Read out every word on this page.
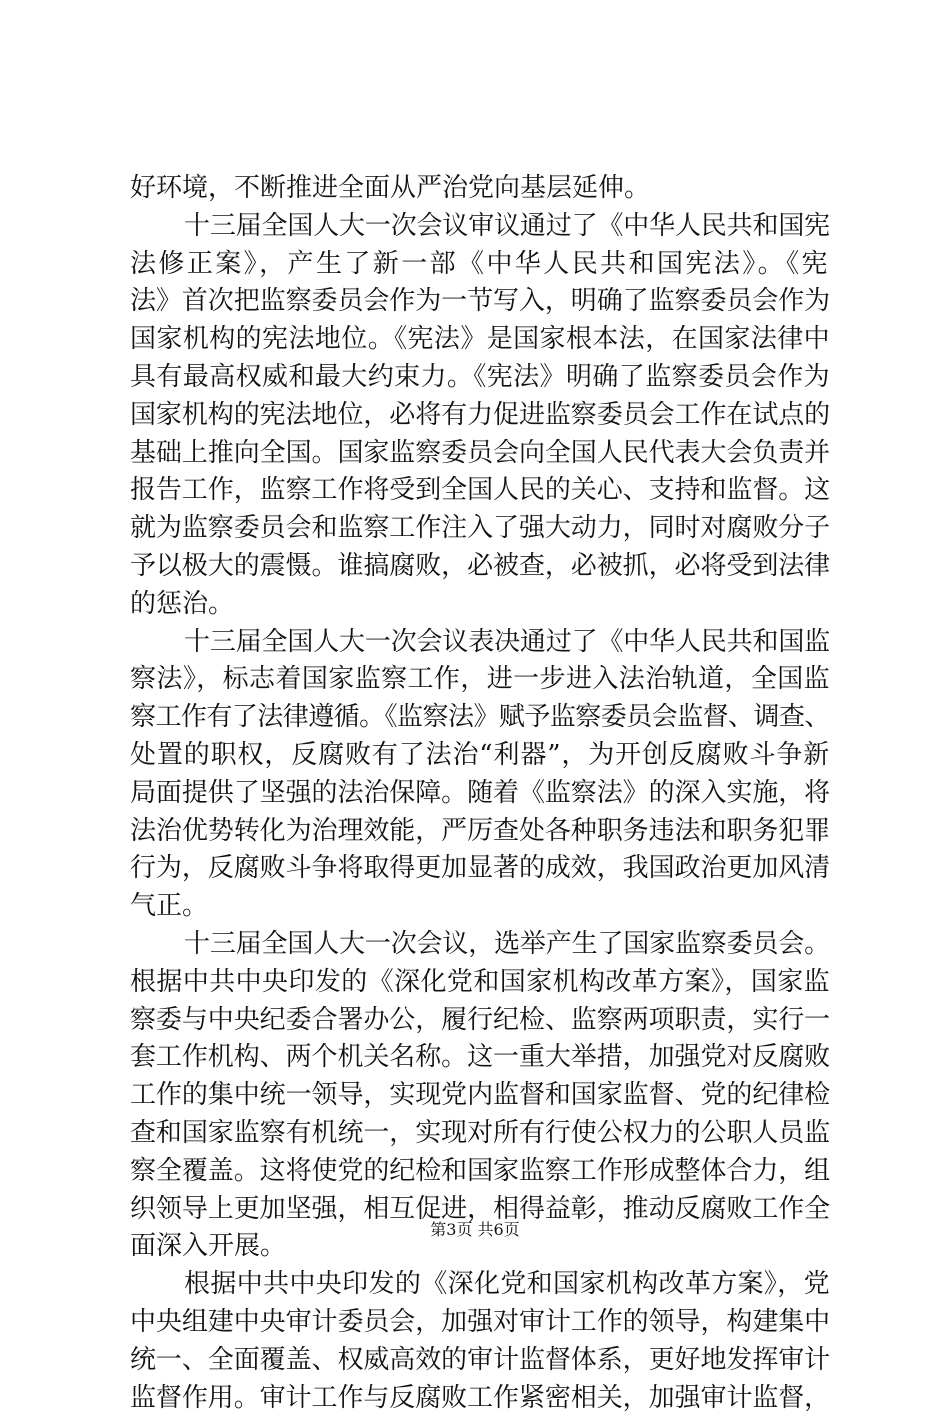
好环境，不断推进全面从严治党向基层延伸。
十三届全国人大一次会议审议通过了《中华人民共和国宪
法修正案》，产生了新一部《中华人民共和国宪法》。《宪
法》首次把监察委员会作为一节写入，明确了监察委员会作为
国家机构的宪法地位。《宪法》是国家根本法，在国家法律中
具有最高权威和最大约束力。《宪法》明确了监察委员会作为
国家机构的宪法地位，必将有力促进监察委员会工作在试点的
基础上推向全国。国家监察委员会向全国人民代表大会负责并
报告工作，监察工作将受到全国人民的关心、支持和监督。这
就为监察委员会和监察工作注入了强大动力，同时对腐败分子
予以极大的震慑。谁搞腐败，必被查，必被抓，必将受到法律
的惩治。
十三届全国人大一次会议表决通过了《中华人民共和国监
察法》，标志着国家监察工作，进一步进入法治轨道，全国监
察工作有了法律遵循。《监察法》赋予监察委员会监督、调查、
处置的职权，反腐败有了法治“利器”，为开创反腐败斗争新
局面提供了坚强的法治保障。随着《监察法》的深入实施，将
法治优势转化为治理效能，严厉查处各种职务违法和职务犯罪
行为，反腐败斗争将取得更加显著的成效，我国政治更加风清
气正。
十三届全国人大一次会议，选举产生了国家监察委员会。
根据中共中央印发的《深化党和国家机构改革方案》，国家监
察委与中央纪委合署办公，履行纪检、监察两项职责，实行一
套工作机构、两个机关名称。这一重大举措，加强党对反腐败
工作的集中统一领导，实现党内监督和国家监督、党的纪律检
查和国家监察有机统一，实现对所有行使公权力的公职人员监
察全覆盖。这将使党的纪检和国家监察工作形成整体合力，组
织领导上更加坚强，相互促进，相得益彰，推动反腐败工作全
面深入开展。
根据中共中央印发的《深化党和国家机构改革方案》，党
中央组建中央审计委员会，加强对审计工作的领导，构建集中
统一、全面覆盖、权威高效的审计监督体系，更好地发挥审计
监督作用。审计工作与反腐败工作紧密相关，加强审计监督，
第3页 共6页
